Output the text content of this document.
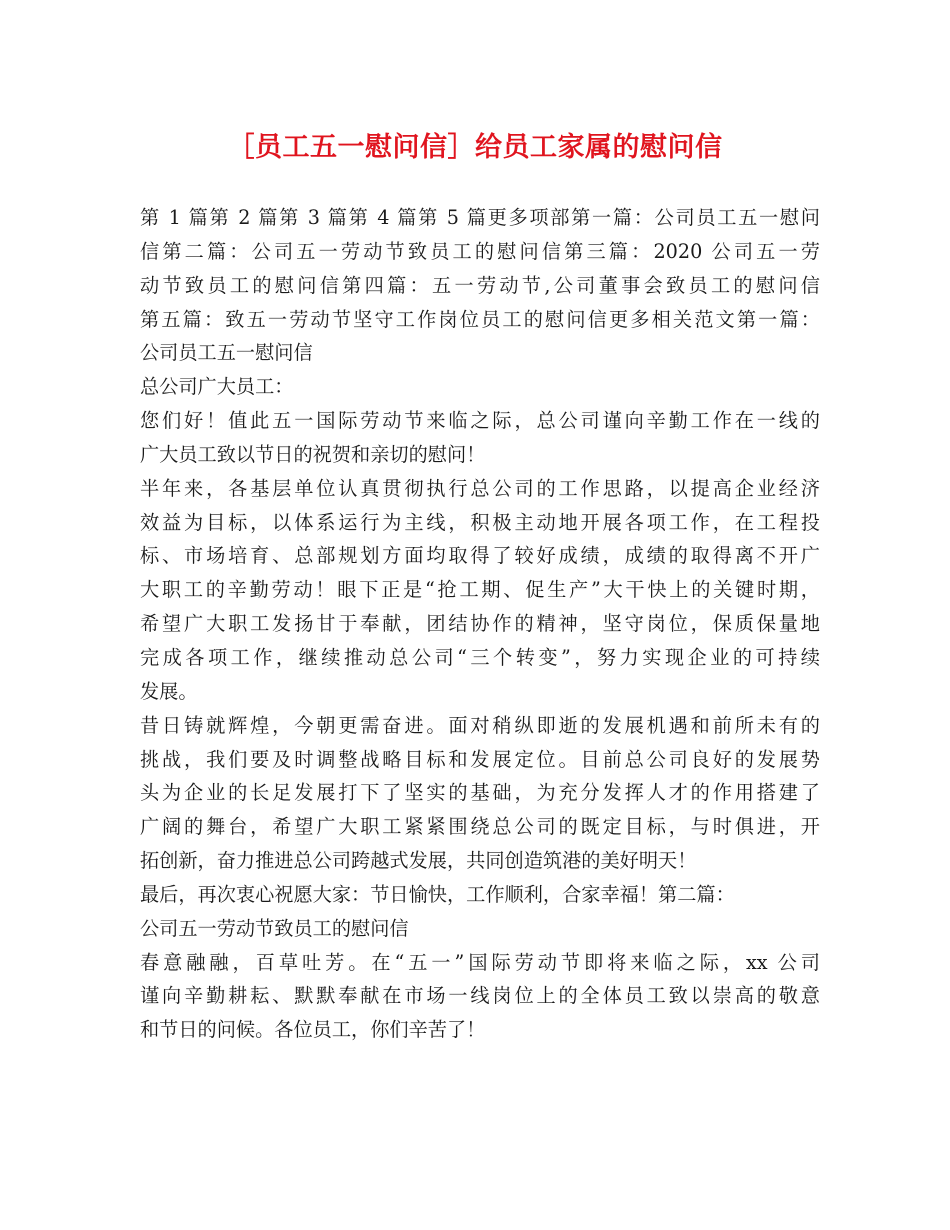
［员工五一慰问信］给员工家属的慰问信
第 1 篇第 2 篇第 3 篇第 4 篇第 5 篇更多项部第一篇：公司员工五一慰问
信第二篇：公司五一劳动节致员工的慰问信第三篇：2020 公司五一劳
动节致员工的慰问信第四篇：五一劳动节,公司董事会致员工的慰问信
第五篇：致五一劳动节坚守工作岗位员工的慰问信更多相关范文第一篇：
公司员工五一慰问信
总公司广大员工：
您们好！值此五一国际劳动节来临之际，总公司谨向辛勤工作在一线的
广大员工致以节日的祝贺和亲切的慰问！
半年来，各基层单位认真贯彻执行总公司的工作思路，以提高企业经济
效益为目标，以体系运行为主线，积极主动地开展各项工作，在工程投
标、市场培育、总部规划方面均取得了较好成绩，成绩的取得离不开广
大职工的辛勤劳动！眼下正是“抢工期、促生产”大干快上的关键时期，
希望广大职工发扬甘于奉献，团结协作的精神，坚守岗位，保质保量地
完成各项工作，继续推动总公司“三个转变”，努力实现企业的可持续
发展。
昔日铸就辉煌，今朝更需奋进。面对稍纵即逝的发展机遇和前所未有的
挑战，我们要及时调整战略目标和发展定位。目前总公司良好的发展势
头为企业的长足发展打下了坚实的基础，为充分发挥人才的作用搭建了
广阔的舞台，希望广大职工紧紧围绕总公司的既定目标，与时俱进，开
拓创新，奋力推进总公司跨越式发展，共同创造筑港的美好明天！
最后，再次衷心祝愿大家：节日愉快，工作顺利，合家幸福！第二篇：
公司五一劳动节致员工的慰问信
春意融融，百草吐芳。在“五一”国际劳动节即将来临之际，xx 公司
谨向辛勤耕耘、默默奉献在市场一线岗位上的全体员工致以崇高的敬意
和节日的问候。各位员工，你们辛苦了！
